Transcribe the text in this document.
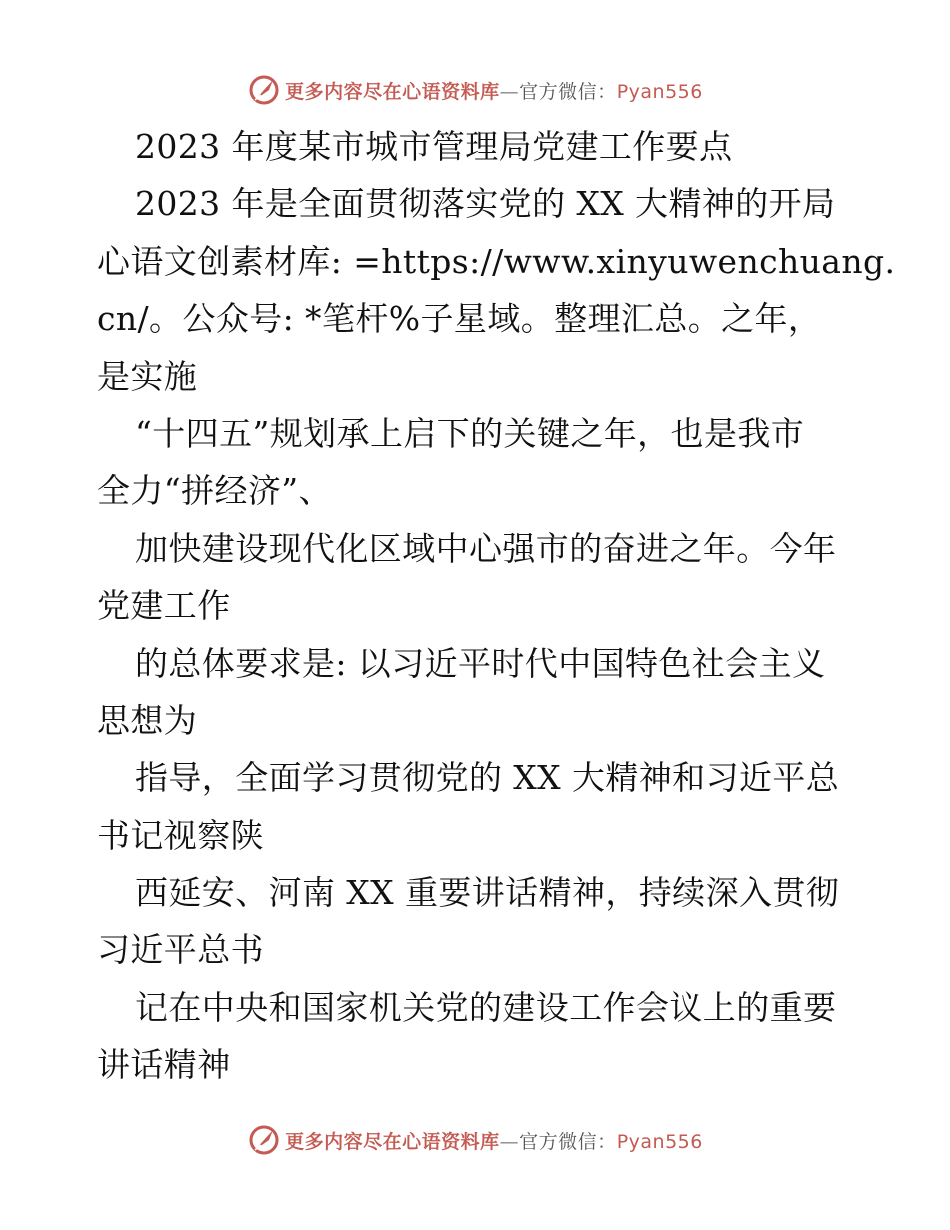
更多内容尽在心语资料库—官方微信：Pyan556
2023 年度某市城市管理局党建工作要点
2023 年是全面贯彻落实党的 XX 大精神的开局
心语文创素材库: =https://www.xinyuwenchuang.
cn/。公众号: *笔杆%子星域。整理汇总。之年，
是实施
“十四五”规划承上启下的关键之年，也是我市
全力“拼经济”、
加快建设现代化区域中心强市的奋进之年。今年
党建工作
的总体要求是: 以习近平时代中国特色社会主义
思想为
指导，全面学习贯彻党的 XX 大精神和习近平总
书记视察陕
西延安、河南 XX 重要讲话精神，持续深入贯彻
习近平总书
记在中央和国家机关党的建设工作会议上的重要
讲话精神
更多内容尽在心语资料库—官方微信：Pyan556
